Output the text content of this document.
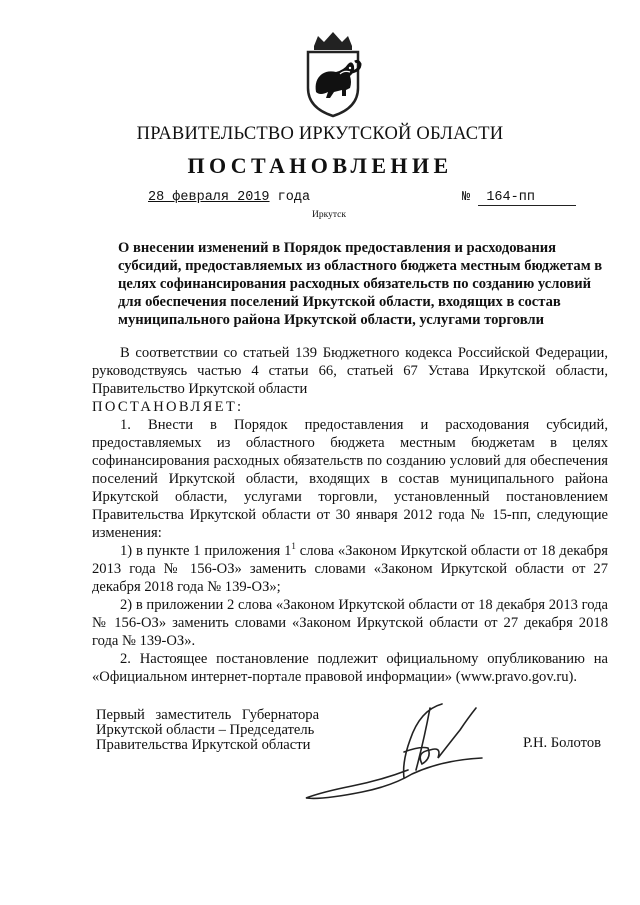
ПРАВИТЕЛЬСТВО ИРКУТСКОЙ ОБЛАСТИ
ПОСТАНОВЛЕНИЕ
28 февраля 2019 года	№ 164-пп
Иркутск
О внесении изменений в Порядок предоставления и расходования
субсидий, предоставляемых из областного бюджета местным бюджетам в
целях софинансирования расходных обязательств по созданию условий
для обеспечения поселений Иркутской области, входящих в состав
муниципального района Иркутской области, услугами торговли

В соответствии со статьей 139 Бюджетного кодекса Российской Федерации, руководствуясь частью 4 статьи 66, статьей 67 Устава Иркутской области, Правительство Иркутской области

ПОСТАНОВЛЯЕТ:

1. Внести в Порядок предоставления и расходования субсидий, предоставляемых из областного бюджета местным бюджетам в целях софинансирования расходных обязательств по созданию условий для обеспечения поселений Иркутской области, входящих в состав муниципального района Иркутской области, услугами торговли, установленный постановлением Правительства Иркутской области от 30 января 2012 года № 15-пп, следующие изменения:

1) в пункте 1 приложения $1^1$ слова «Законом Иркутской области от 18 декабря 2013 года № 156-ОЗ» заменить словами «Законом Иркутской области от 27 декабря 2018 года № 139-ОЗ»;

2) в приложении 2 слова «Законом Иркутской области от 18 декабря 2013 года № 156-ОЗ» заменить словами «Законом Иркутской области от 27 декабря 2018 года № 139-ОЗ».

2. Настоящее постановление подлежит официальному опубликованию на «Официальном интернет-портале правовой информации» (www.pravo.gov.ru).

Первый заместитель Губернатора
Иркутской области – Председатель
Правительства Иркутской области	Р.Н. Болотов
